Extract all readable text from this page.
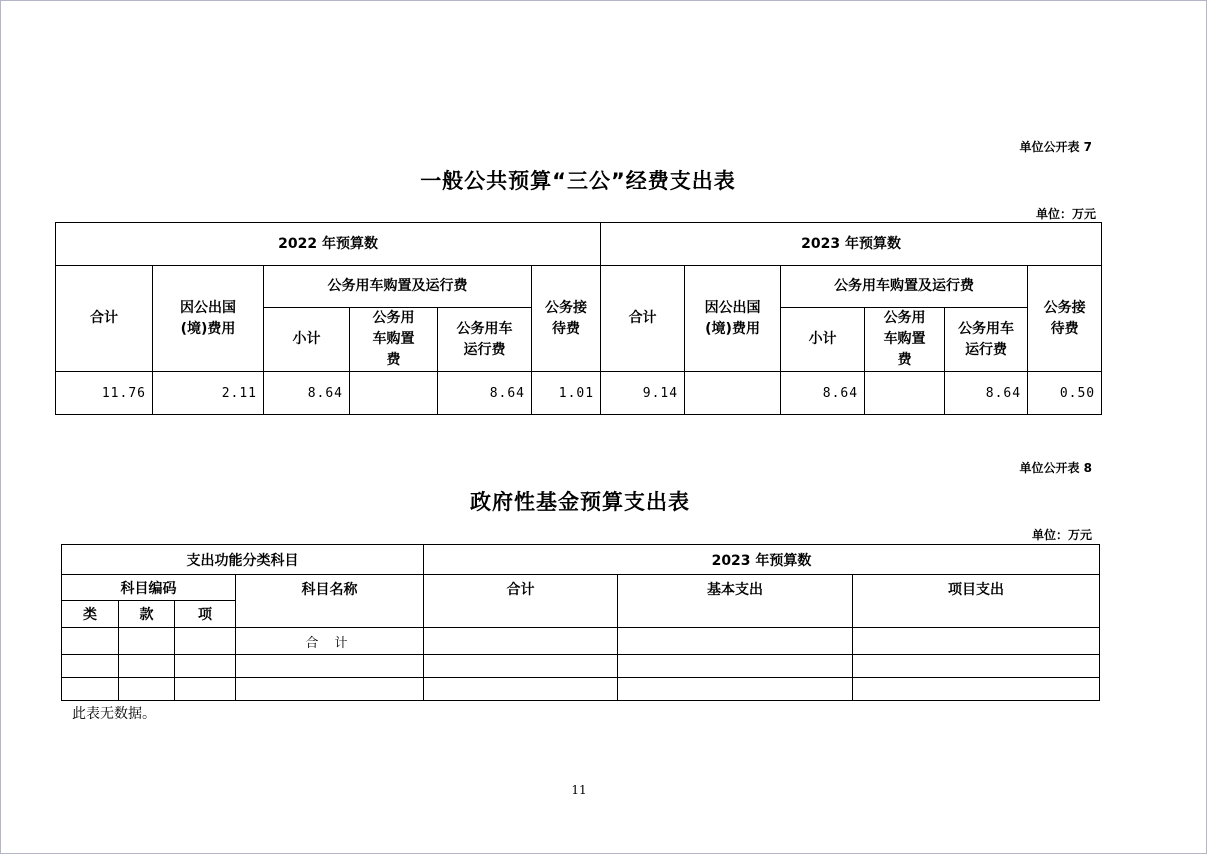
单位公开表 7
一般公共预算“三公”经费支出表
单位：万元
2022 年预算数						2023 年预算数					
合计	因公出国(境)费用	公务用车购置及运行费			公务接待费	合计	因公出国(境)费用	公务用车购置及运行费			公务接待费
		小计	公务用车购置费	公务用车运行费				小计	公务用车购置费	公务用车运行费	
11.76	2.11	8.64		8.64	1.01	9.14		8.64		8.64	0.50
单位公开表 8
政府性基金预算支出表
单位：万元
支出功能分类科目				2023 年预算数		
科目编码			科目名称	合计	基本支出	项目支出
类	款	项				
			合 计			

此表无数据。
11
